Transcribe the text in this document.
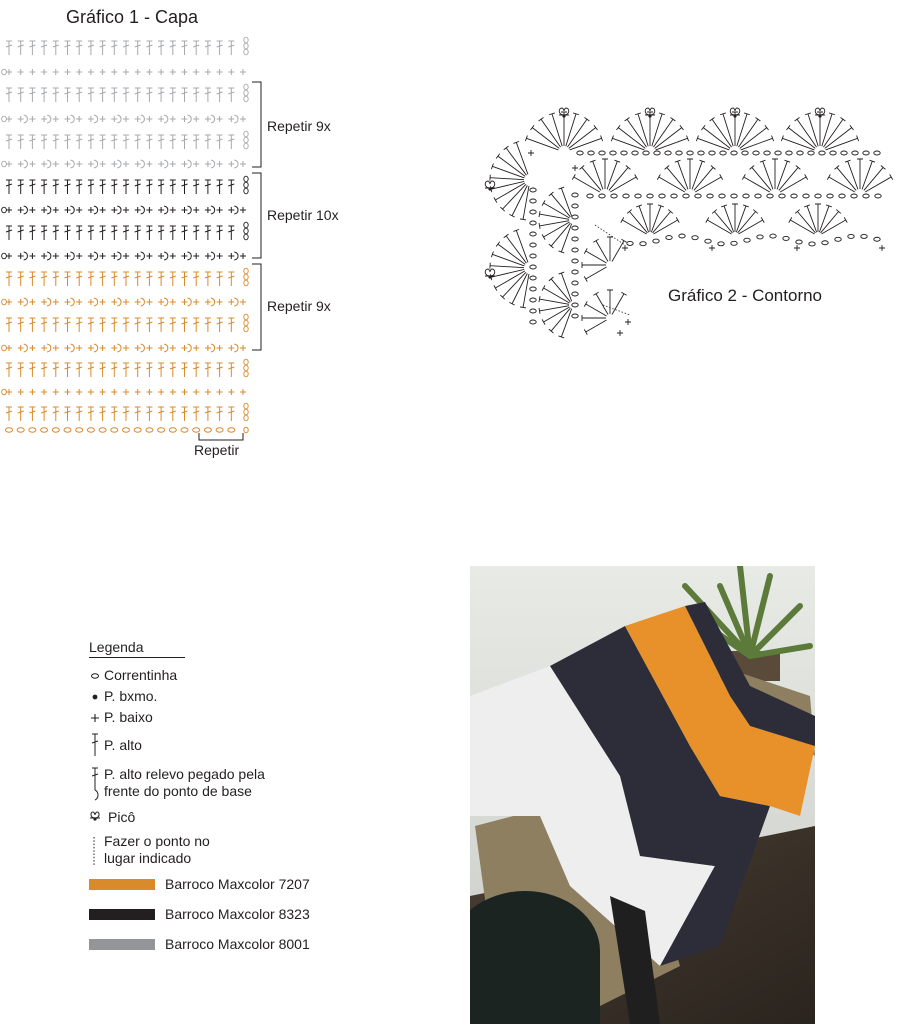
Gráfico 1 - Capa
Repetir 9x
Repetir 10x
Repetir 9x
Repetir
Gráfico 2 - Contorno
Legenda
Correntinha
P. bxmo.
P. baixo
P. alto
P. alto relevo pegado pela
frente do ponto de base
Picô
Fazer o ponto no
lugar indicado
Barroco Maxcolor 7207
Barroco Maxcolor 8323
Barroco Maxcolor 8001
